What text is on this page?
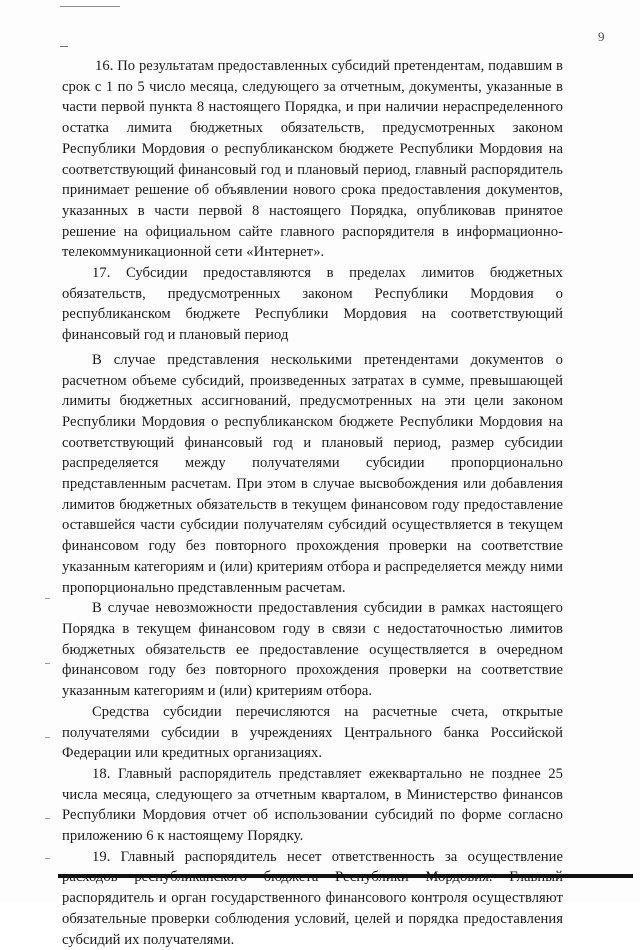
9

16. По результатам предоставленных субсидий претендентам, подавшим в срок с 1 по 5 число месяца, следующего за отчетным, документы, указанные в части первой пункта 8 настоящего Порядка, и при наличии нераспределенного остатка лимита бюджетных обязательств, предусмотренных законом Республики Мордовия о республиканском бюджете Республики Мордовия на соответствующий финансовый год и плановый период, главный распорядитель принимает решение об объявлении нового срока предоставления документов, указанных в части первой 8 настоящего Порядка, опубликовав принятое решение на официальном сайте главного распорядителя в информационно-телекоммуникационной сети «Интернет».

17. Субсидии предоставляются в пределах лимитов бюджетных обязательств, предусмотренных законом Республики Мордовия о республиканском бюджете Республики Мордовия на соответствующий финансовый год и плановый период

В случае представления несколькими претендентами документов о расчетном объеме субсидий, произведенных затратах в сумме, превышающей лимиты бюджетных ассигнований, предусмотренных на эти цели законом Республики Мордовия о республиканском бюджете Республики Мордовия на соответствующий финансовый год и плановый период, размер субсидии распределяется между получателями субсидии пропорционально представленным расчетам. При этом в случае высвобождения или добавления лимитов бюджетных обязательств в текущем финансовом году предоставление оставшейся части субсидии получателям субсидий осуществляется в текущем финансовом году без повторного прохождения проверки на соответствие указанным категориям и (или) критериям отбора и распределяется между ними пропорционально представленным расчетам.

В случае невозможности предоставления субсидии в рамках настоящего Порядка в текущем финансовом году в связи с недостаточностью лимитов бюджетных обязательств ее предоставление осуществляется в очередном финансовом году без повторного прохождения проверки на соответствие указанным категориям и (или) критериям отбора.

Средства субсидии перечисляются на расчетные счета, открытые получателями субсидии в учреждениях Центрального банка Российской Федерации или кредитных организациях.

18. Главный распорядитель представляет ежеквартально не позднее 25 числа месяца, следующего за отчетным кварталом, в Министерство финансов Республики Мордовия отчет об использовании субсидий по форме согласно приложению 6 к настоящему Порядку.

19. Главный распорядитель несет ответственность за осуществление распорядитель и орган государственного финансового контроля осуществляют обязательные проверки соблюдения условий, целей и порядка предоставления субсидий их получателями.
